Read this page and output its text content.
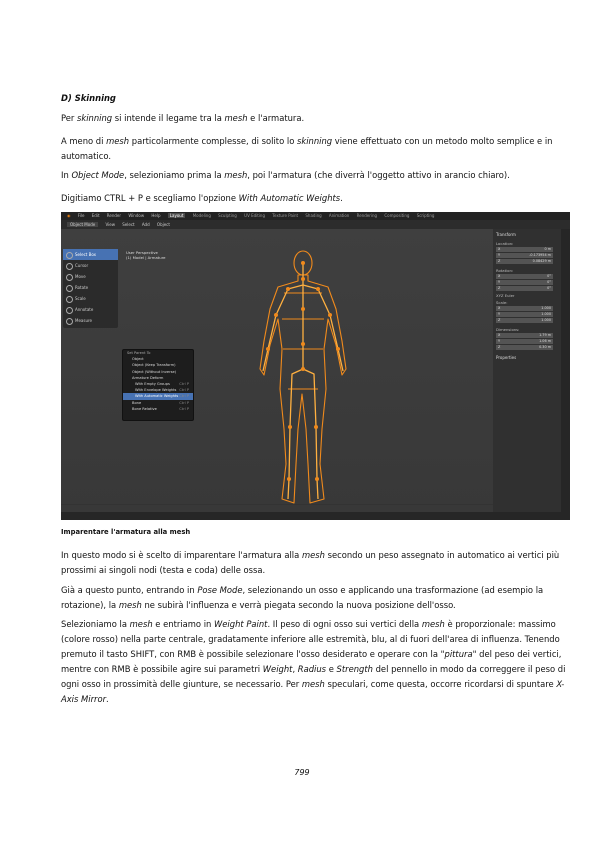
D) Skinning

Per skinning si intende il legame tra la mesh e l'armatura.

A meno di mesh particolarmente complesse, di solito lo skinning viene effettuato con un metodo molto semplice e in automatico.

In Object Mode, selezioniamo prima la mesh, poi l'armatura (che diverrà l'oggetto attivo in arancio chiaro).

Digitiamo CTRL + P e scegliamo l'opzione With Automatic Weights.

◉ File Edit Render Window Help Layout Modeling Sculpting UV Editing Texture Paint Shading Animation Rendering Compositing Scripting
Object Mode	View Select Add Object
Select Box
Cursor
Move
Rotate
Scale
Annotate
Measure
User Perspective
(1) Model | Armature
Set Parent To
Object
Object (Keep Transform)
Object (Without Inverse)
Armature Deform
With Empty Groups	Ctrl P
With Envelope Weights Ctrl P
With Automatic Weights Ctrl P
Bone	Ctrl P
Bone Relative	Ctrl P
Transform
Location:
X	0 m
Y	-0.173954 m
Z	0.08429 m
Rotation:
X	0°
Y	0°
Z	0°
XYZ Euler
Scale:
X	1.000
Y	1.000
Z	1.000
Dimensions:
X	1.79 m
Y	1.06 m
Z	0.30 m
Properties
Imparentare l'armatura alla mesh

In questo modo si è scelto di imparentare l'armatura alla mesh secondo un peso assegnato in automatico ai vertici più prossimi ai singoli nodi (testa e coda) delle ossa.

Già a questo punto, entrando in Pose Mode, selezionando un osso e applicando una trasformazione (ad esempio la rotazione), la mesh ne subirà l'influenza e verrà piegata secondo la nuova posizione dell'osso.

Selezioniamo la mesh e entriamo in Weight Paint. Il peso di ogni osso sui vertici della mesh è proporzionale: massimo (colore rosso) nella parte centrale, gradatamente inferiore alle estremità, blu, al di fuori dell'area di influenza. Tenendo premuto il tasto SHIFT, con RMB è possibile selezionare l'osso desiderato e operare con la "pittura" del peso dei vertici, mentre con RMB è possibile agire sui parametri Weight, Radius e Strength del pennello in modo da correggere il peso di ogni osso in prossimità delle giunture, se necessario. Per mesh speculari, come questa, occorre ricordarsi di spuntare X-Axis Mirror.

799
